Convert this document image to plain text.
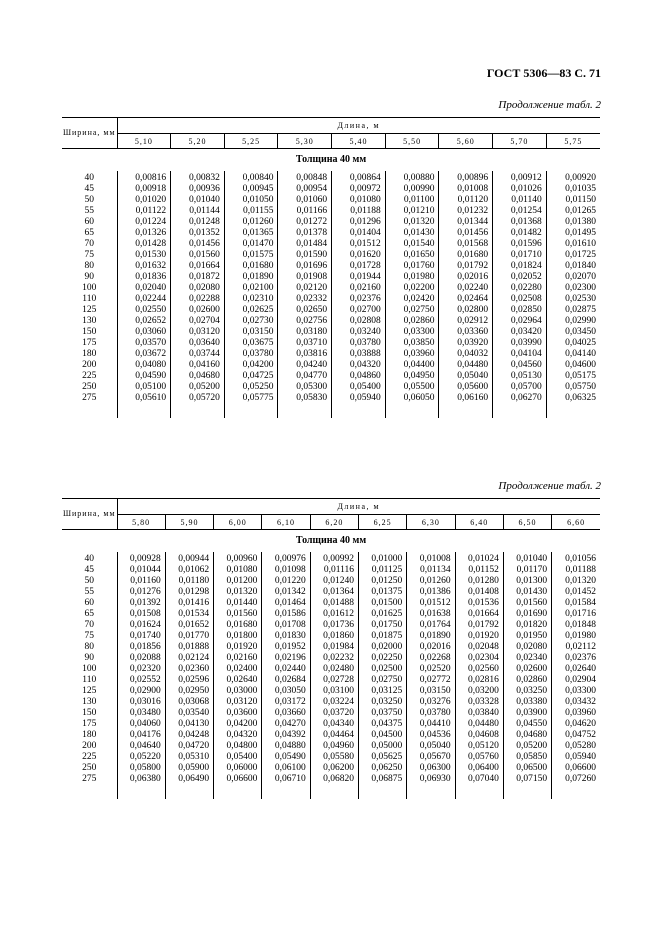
ГОСТ 5306—83 С. 71
Продолжение табл. 2
Ширина, мм	Длина, м								
	5,10	5,20	5,25	5,30	5,40	5,50	5,60	5,70	5,75
Толщина 40 мм									
40	0,00816	0,00832	0,00840	0,00848	0,00864	0,00880	0,00896	0,00912	0,00920
45	0,00918	0,00936	0,00945	0,00954	0,00972	0,00990	0,01008	0,01026	0,01035
50	0,01020	0,01040	0,01050	0,01060	0,01080	0,01100	0,01120	0,01140	0,01150
55	0,01122	0,01144	0,01155	0,01166	0,01188	0,01210	0,01232	0,01254	0,01265
60	0,01224	0,01248	0,01260	0,01272	0,01296	0,01320	0,01344	0,01368	0,01380
65	0,01326	0,01352	0,01365	0,01378	0,01404	0,01430	0,01456	0,01482	0,01495
70	0,01428	0,01456	0,01470	0,01484	0,01512	0,01540	0,01568	0,01596	0,01610
75	0,01530	0,01560	0,01575	0,01590	0,01620	0,01650	0,01680	0,01710	0,01725
80	0,01632	0,01664	0,01680	0,01696	0,01728	0,01760	0,01792	0,01824	0,01840
90	0,01836	0,01872	0,01890	0,01908	0,01944	0,01980	0,02016	0,02052	0,02070
100	0,02040	0,02080	0,02100	0,02120	0,02160	0,02200	0,02240	0,02280	0,02300
110	0,02244	0,02288	0,02310	0,02332	0,02376	0,02420	0,02464	0,02508	0,02530
125	0,02550	0,02600	0,02625	0,02650	0,02700	0,02750	0,02800	0,02850	0,02875
130	0,02652	0,02704	0,02730	0,02756	0,02808	0,02860	0,02912	0,02964	0,02990
150	0,03060	0,03120	0,03150	0,03180	0,03240	0,03300	0,03360	0,03420	0,03450
175	0,03570	0,03640	0,03675	0,03710	0,03780	0,03850	0,03920	0,03990	0,04025
180	0,03672	0,03744	0,03780	0,03816	0,03888	0,03960	0,04032	0,04104	0,04140
200	0,04080	0,04160	0,04200	0,04240	0,04320	0,04400	0,04480	0,04560	0,04600
225	0,04590	0,04680	0,04725	0,04770	0,04860	0,04950	0,05040	0,05130	0,05175
250	0,05100	0,05200	0,05250	0,05300	0,05400	0,05500	0,05600	0,05700	0,05750
275	0,05610	0,05720	0,05775	0,05830	0,05940	0,06050	0,06160	0,06270	0,06325
Продолжение табл. 2
Ширина, мм	Длина, м									
	5,80	5,90	6,00	6,10	6,20	6,25	6,30	6,40	6,50	6,60
Толщина 40 мм										
40	0,00928	0,00944	0,00960	0,00976	0,00992	0,01000	0,01008	0,01024	0,01040	0,01056
45	0,01044	0,01062	0,01080	0,01098	0,01116	0,01125	0,01134	0,01152	0,01170	0,01188
50	0,01160	0,01180	0,01200	0,01220	0,01240	0,01250	0,01260	0,01280	0,01300	0,01320
55	0,01276	0,01298	0,01320	0,01342	0,01364	0,01375	0,01386	0,01408	0,01430	0,01452
60	0,01392	0,01416	0,01440	0,01464	0,01488	0,01500	0,01512	0,01536	0,01560	0,01584
65	0,01508	0,01534	0,01560	0,01586	0,01612	0,01625	0,01638	0,01664	0,01690	0,01716
70	0,01624	0,01652	0,01680	0,01708	0,01736	0,01750	0,01764	0,01792	0,01820	0,01848
75	0,01740	0,01770	0,01800	0,01830	0,01860	0,01875	0,01890	0,01920	0,01950	0,01980
80	0,01856	0,01888	0,01920	0,01952	0,01984	0,02000	0,02016	0,02048	0,02080	0,02112
90	0,02088	0,02124	0,02160	0,02196	0,02232	0,02250	0,02268	0,02304	0,02340	0,02376
100	0,02320	0,02360	0,02400	0,02440	0,02480	0,02500	0,02520	0,02560	0,02600	0,02640
110	0,02552	0,02596	0,02640	0,02684	0,02728	0,02750	0,02772	0,02816	0,02860	0,02904
125	0,02900	0,02950	0,03000	0,03050	0,03100	0,03125	0,03150	0,03200	0,03250	0,03300
130	0,03016	0,03068	0,03120	0,03172	0,03224	0,03250	0,03276	0,03328	0,03380	0,03432
150	0,03480	0,03540	0,03600	0,03660	0,03720	0,03750	0,03780	0,03840	0,03900	0,03960
175	0,04060	0,04130	0,04200	0,04270	0,04340	0,04375	0,04410	0,04480	0,04550	0,04620
180	0,04176	0,04248	0,04320	0,04392	0,04464	0,04500	0,04536	0,04608	0,04680	0,04752
200	0,04640	0,04720	0,04800	0,04880	0,04960	0,05000	0,05040	0,05120	0,05200	0,05280
225	0,05220	0,05310	0,05400	0,05490	0,05580	0,05625	0,05670	0,05760	0,05850	0,05940
250	0,05800	0,05900	0,06000	0,06100	0,06200	0,06250	0,06300	0,06400	0,06500	0,06600
275	0,06380	0,06490	0,06600	0,06710	0,06820	0,06875	0,06930	0,07040	0,07150	0,07260
